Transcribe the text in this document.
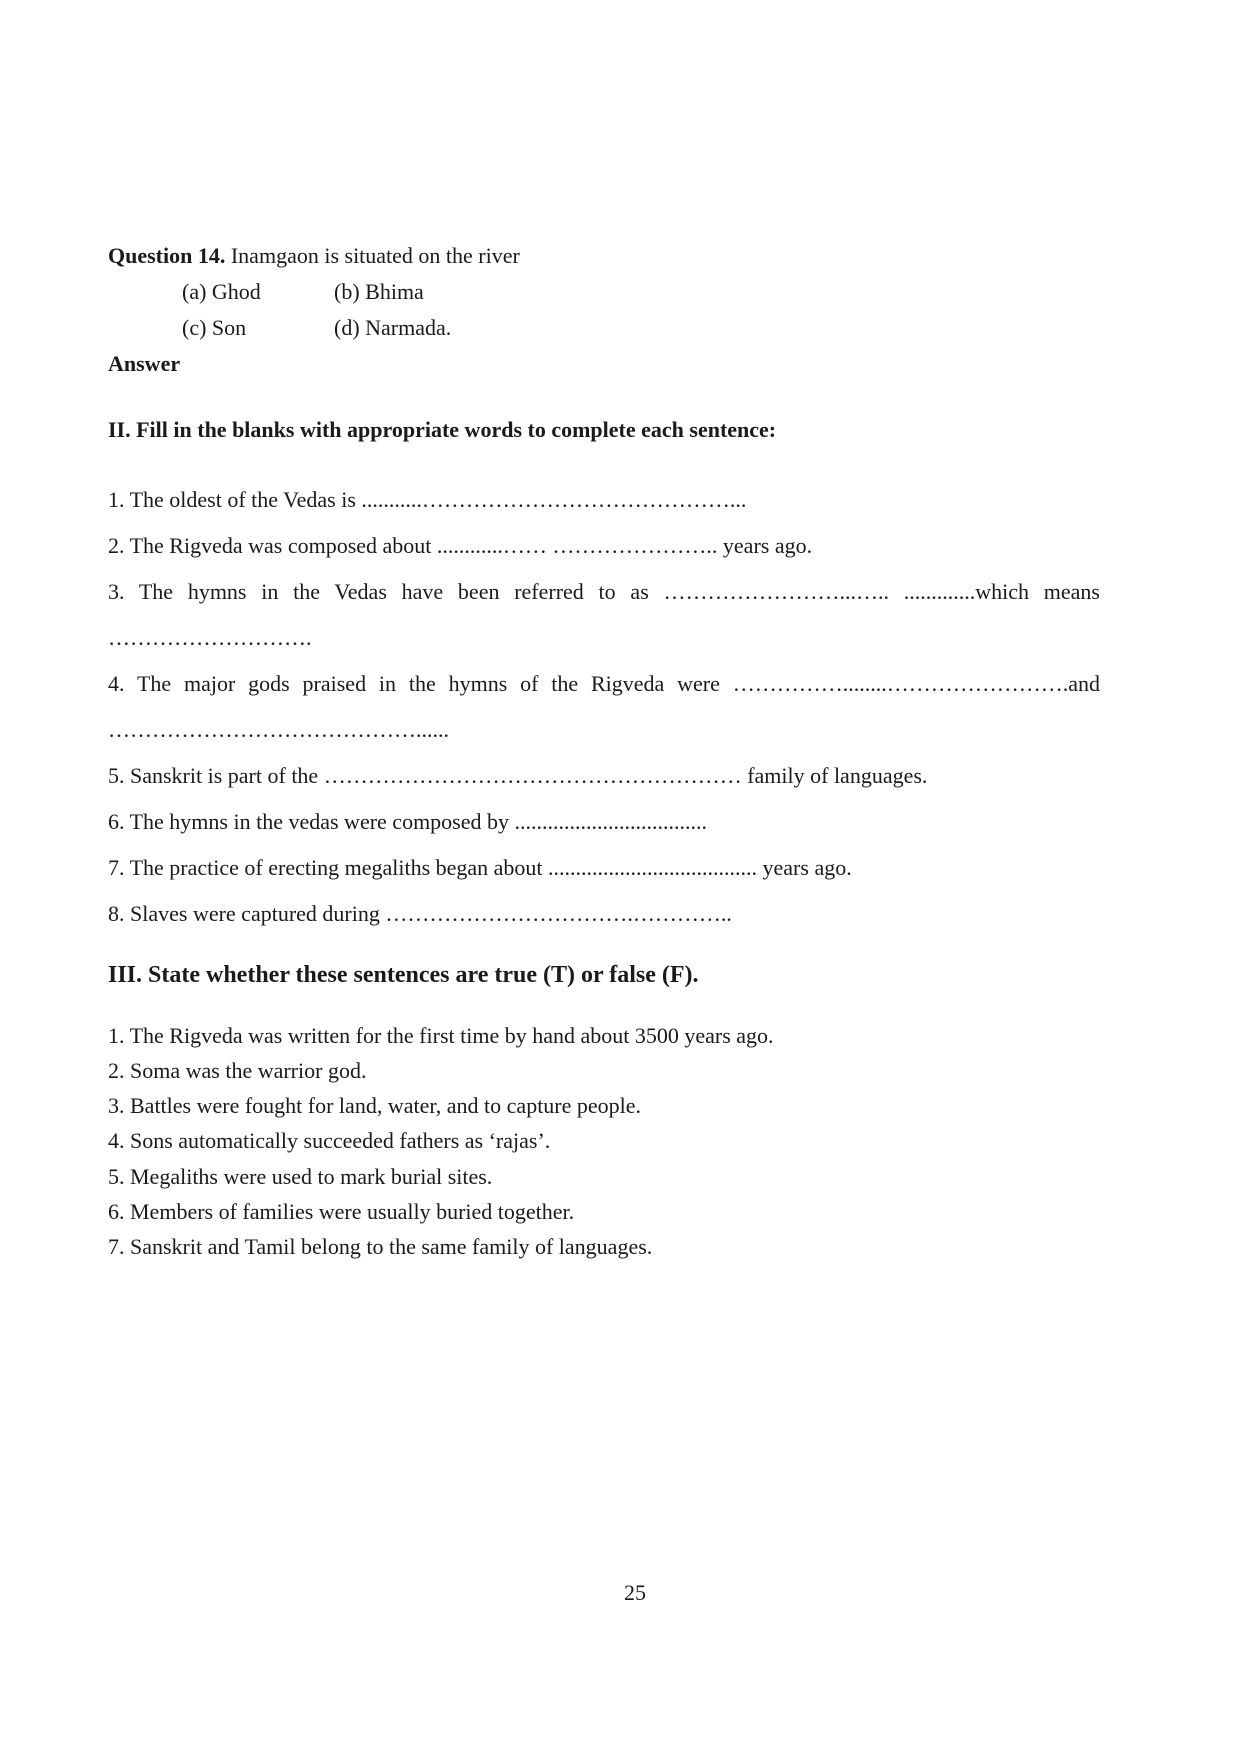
Question 14. Inamgaon is situated on the river
(a) Ghod	(b) Bhima
(c) Son	(d) Narmada.
Answer
II. Fill in the blanks with appropriate words to complete each sentence:
1. The oldest of the Vedas is ...........……………………………………...
2. The Rigveda was composed about ............…… ………………….. years ago.
3. The hymns in the Vedas have been referred to as ……………………...….. .............which means
……………………….
4. The major gods praised in the hymns of the Rigveda were ……………........…………………….and
……………………………………......
5. Sanskrit is part of the ………………………………………………… family of languages.
6. The hymns in the vedas were composed by ...................................
7. The practice of erecting megaliths began about ...................................... years ago.
8. Slaves were captured during …………………………….…………..
III. State whether these sentences are true (T) or false (F).
1. The Rigveda was written for the first time by hand about 3500 years ago.
2. Soma was the warrior god.
3. Battles were fought for land, water, and to capture people.
4. Sons automatically succeeded fathers as ‘rajas’.
5. Megaliths were used to mark burial sites.
6. Members of families were usually buried together.
7. Sanskrit and Tamil belong to the same family of languages.
25
